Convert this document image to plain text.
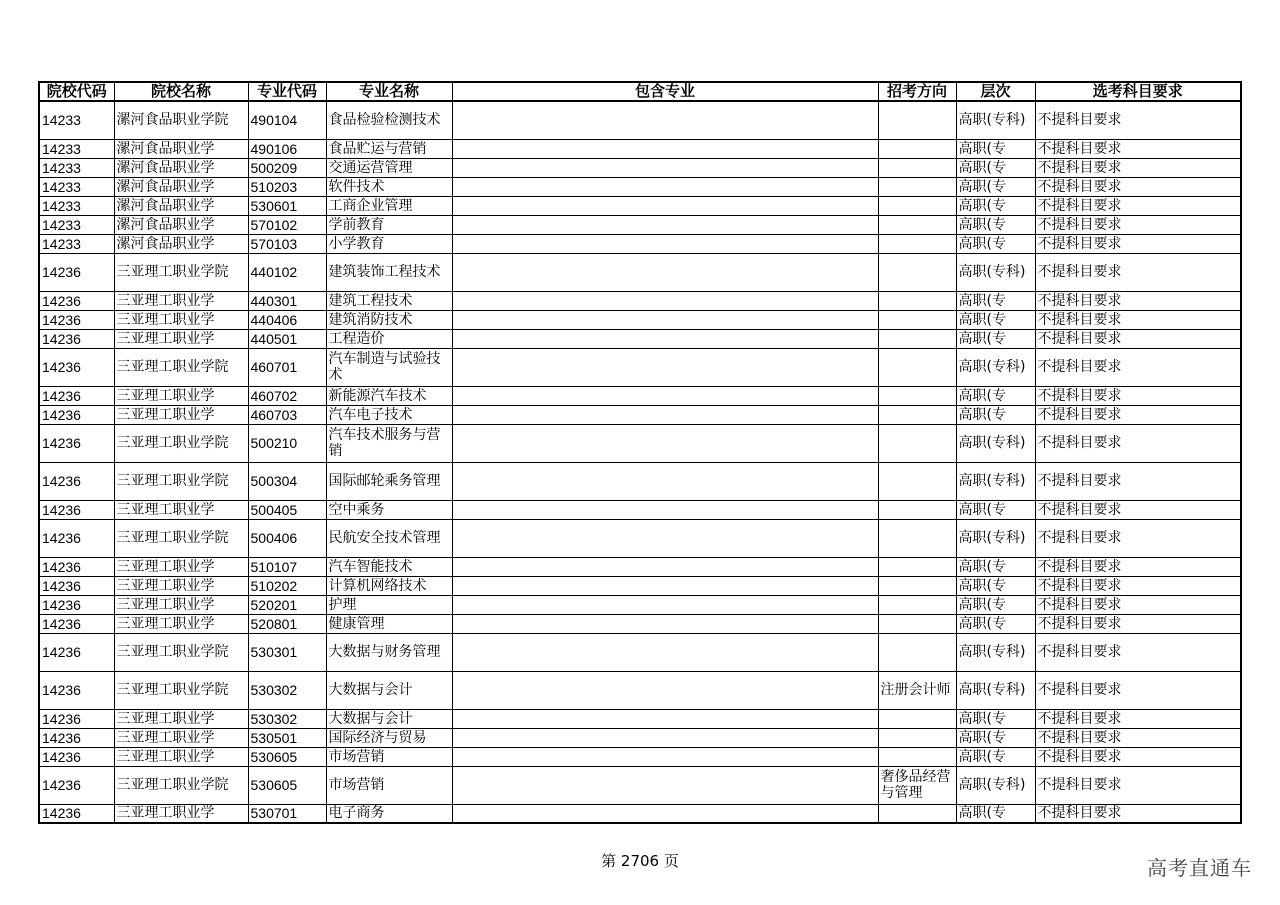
院校代码	院校名称	专业代码	专业名称	包含专业	招考方向	层次	选考科目要求
14233	漯河食品职业学院	490104	食品检验检测技术			高职(专科)	不提科目要求
14233	漯河食品职业学	490106	食品贮运与营销			高职(专	不提科目要求
14233	漯河食品职业学	500209	交通运营管理			高职(专	不提科目要求
14233	漯河食品职业学	510203	软件技术			高职(专	不提科目要求
14233	漯河食品职业学	530601	工商企业管理			高职(专	不提科目要求
14233	漯河食品职业学	570102	学前教育			高职(专	不提科目要求
14233	漯河食品职业学	570103	小学教育			高职(专	不提科目要求
14236	三亚理工职业学院	440102	建筑装饰工程技术			高职(专科)	不提科目要求
14236	三亚理工职业学	440301	建筑工程技术			高职(专	不提科目要求
14236	三亚理工职业学	440406	建筑消防技术			高职(专	不提科目要求
14236	三亚理工职业学	440501	工程造价			高职(专	不提科目要求
14236	三亚理工职业学院	460701	汽车制造与试验技术			高职(专科)	不提科目要求
14236	三亚理工职业学	460702	新能源汽车技术			高职(专	不提科目要求
14236	三亚理工职业学	460703	汽车电子技术			高职(专	不提科目要求
14236	三亚理工职业学院	500210	汽车技术服务与营销			高职(专科)	不提科目要求
14236	三亚理工职业学院	500304	国际邮轮乘务管理			高职(专科)	不提科目要求
14236	三亚理工职业学	500405	空中乘务			高职(专	不提科目要求
14236	三亚理工职业学院	500406	民航安全技术管理			高职(专科)	不提科目要求
14236	三亚理工职业学	510107	汽车智能技术			高职(专	不提科目要求
14236	三亚理工职业学	510202	计算机网络技术			高职(专	不提科目要求
14236	三亚理工职业学	520201	护理			高职(专	不提科目要求
14236	三亚理工职业学	520801	健康管理			高职(专	不提科目要求
14236	三亚理工职业学院	530301	大数据与财务管理			高职(专科)	不提科目要求
14236	三亚理工职业学院	530302	大数据与会计		注册会计师	高职(专科)	不提科目要求
14236	三亚理工职业学	530302	大数据与会计			高职(专	不提科目要求
14236	三亚理工职业学	530501	国际经济与贸易			高职(专	不提科目要求
14236	三亚理工职业学	530605	市场营销			高职(专	不提科目要求
14236	三亚理工职业学院	530605	市场营销		奢侈品经营与管理	高职(专科)	不提科目要求
14236	三亚理工职业学	530701	电子商务			高职(专	不提科目要求
第 2706 页	高考直通车
